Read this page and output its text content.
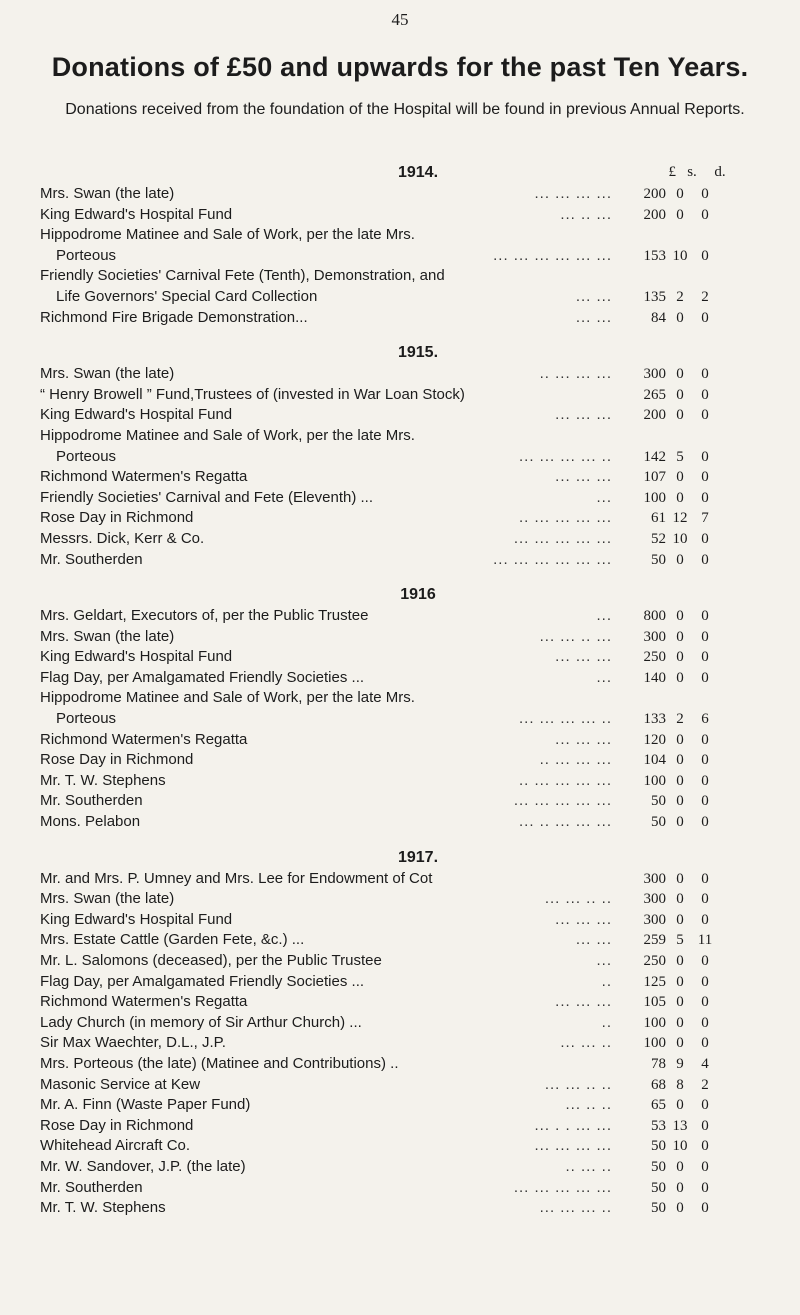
45
Donations of £50 and upwards for the past Ten Years.
Donations received from the foundation of the Hospital will be found in previous Annual Reports.
1914.	£ s.	d.
Mrs. Swan (the late)	... ... ... ...	200 0	0
King Edward's Hospital Fund	... .. ...	200 0	0
Hippodrome Matinee and Sale of Work, per the late Mrs.
Porteous	... ... ... ... ... ...	153 10 0
Friendly Societies' Carnival Fete (Tenth), Demonstration, and
Life Governors' Special Card Collection	... ...	135 2	2
Richmond Fire Brigade Demonstration...	... ...	84 0	0
1915.
Mrs. Swan (the late)	.. ... ... ...	300 0	0
“ Henry Browell ” Fund,Trustees of (invested in War Loan Stock)	265 0	0
King Edward's Hospital Fund	... ... ...	200 0	0
Hippodrome Matinee and Sale of Work, per the late Mrs.
Porteous	... ... ... ... ..	142 5	0
Richmond Watermen's Regatta	... ... ...	107 0	0
Friendly Societies' Carnival and Fete (Eleventh) ...	...	100 0	0
Rose Day in Richmond	.. ... ... ... ...	61 12 7
Messrs. Dick, Kerr & Co.	... ... ... ... ...	52 10 0
Mr. Southerden	... ... ... ... ... ...	50 0	0
1916
Mrs. Geldart, Executors of, per the Public Trustee	...	800 0	0
Mrs. Swan (the late)	... ... .. ...	300 0	0
King Edward's Hospital Fund	... ... ...	250 0	0
Flag Day, per Amalgamated Friendly Societies ...	...	140 0	0
Hippodrome Matinee and Sale of Work, per the late Mrs.
Porteous	... ... ... ... ..	133 2	6
Richmond Watermen's Regatta	... ... ...	120 0	0
Rose Day in Richmond	.. ... ... ...	104 0	0
Mr. T. W. Stephens	.. ... ... ... ...	100 0	0
Mr. Southerden	... ... ... ... ...	50 0	0
Mons. Pelabon	... .. ... ... ...	50 0	0
1917.
Mr. and Mrs. P. Umney and Mrs. Lee for Endowment of Cot	300 0	0
Mrs. Swan (the late)	... ... .. ..	300 0	0
King Edward's Hospital Fund	... ... ...	300 0	0
Mrs. Estate Cattle (Garden Fete, &c.) ...	... ...	259 5 11
Mr. L. Salomons (deceased), per the Public Trustee	...	250 0	0
Flag Day, per Amalgamated Friendly Societies ...	..	125 0	0
Richmond Watermen's Regatta	... ... ...	105 0	0
Lady Church (in memory of Sir Arthur Church) ...	..	100 0	0
Sir Max Waechter, D.L., J.P.	... ... ..	100 0	0
Mrs. Porteous (the late) (Matinee and Contributions) ..	78 9	4
Masonic Service at Kew	... ... .. ..	68 8	2
Mr. A. Finn (Waste Paper Fund)	... .. ..	65 0	0
Rose Day in Richmond	... . . ... ...	53 13 0
Whitehead Aircraft Co.	... ... ... ...	50 10 0
Mr. W. Sandover, J.P. (the late)	.. ... ..	50 0	0
Mr. Southerden	... ... ... ... ...	50 0	0
Mr. T. W. Stephens	... ... ... ..	50 0	0
